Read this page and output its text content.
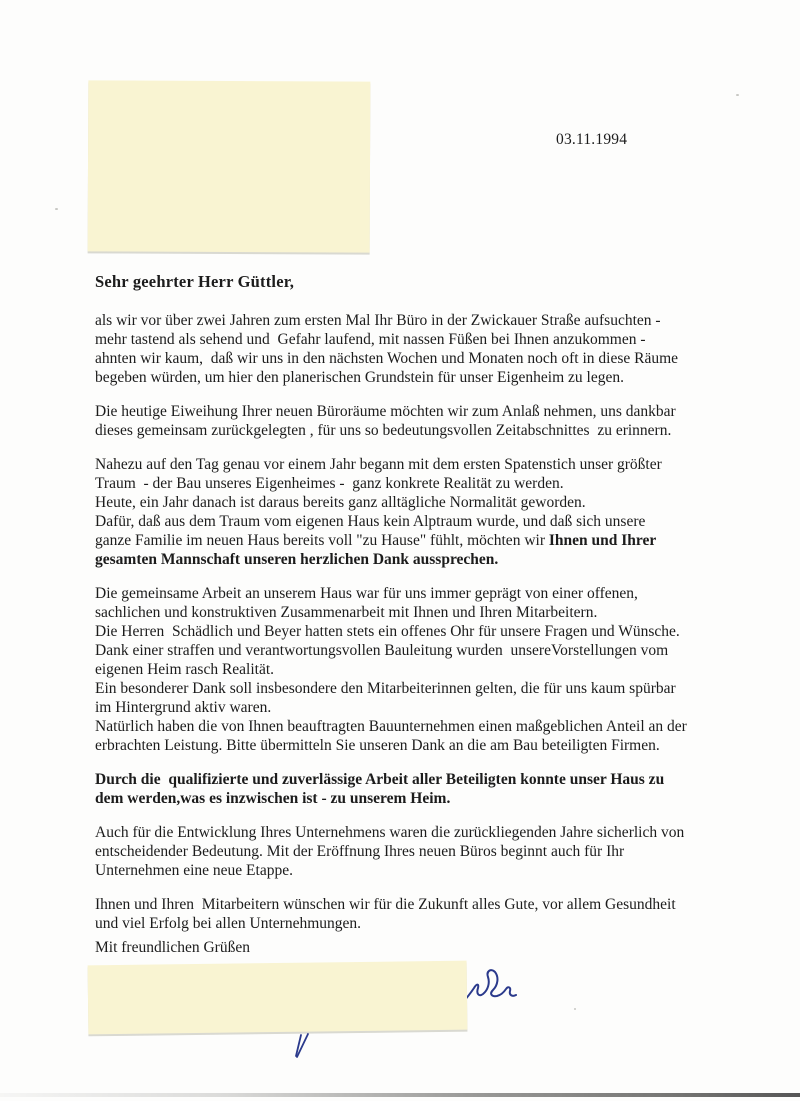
03.11.1994
Sehr geehrter Herr Güttler,
als wir vor über zwei Jahren zum ersten Mal Ihr Büro in der Zwickauer Straße aufsuchten -
mehr tastend als sehend und  Gefahr laufend, mit nassen Füßen bei Ihnen anzukommen -
ahnten wir kaum,  daß wir uns in den nächsten Wochen und Monaten noch oft in diese Räume
begeben würden, um hier den planerischen Grundstein für unser Eigenheim zu legen.
Die heutige Eiweihung Ihrer neuen Büroräume möchten wir zum Anlaß nehmen, uns dankbar
dieses gemeinsam zurückgelegten , für uns so bedeutungsvollen Zeitabschnittes  zu erinnern.
Nahezu auf den Tag genau vor einem Jahr begann mit dem ersten Spatenstich unser größter
Traum  - der Bau unseres Eigenheimes -  ganz konkrete Realität zu werden.
Heute, ein Jahr danach ist daraus bereits ganz alltägliche Normalität geworden.
Dafür, daß aus dem Traum vom eigenen Haus kein Alptraum wurde, und daß sich unsere
ganze Familie im neuen Haus bereits voll "zu Hause" fühlt, möchten wir Ihnen und Ihrer
gesamten Mannschaft unseren herzlichen Dank aussprechen.
Die gemeinsame Arbeit an unserem Haus war für uns immer geprägt von einer offenen,
sachlichen und konstruktiven Zusammenarbeit mit Ihnen und Ihren Mitarbeitern.
Die Herren  Schädlich und Beyer hatten stets ein offenes Ohr für unsere Fragen und Wünsche.
Dank einer straffen und verantwortungsvollen Bauleitung wurden  unsereVorstellungen vom
eigenen Heim rasch Realität.
Ein besonderer Dank soll insbesondere den Mitarbeiterinnen gelten, die für uns kaum spürbar
im Hintergrund aktiv waren.
Natürlich haben die von Ihnen beauftragten Bauunternehmen einen maßgeblichen Anteil an der
erbrachten Leistung. Bitte übermitteln Sie unseren Dank an die am Bau beteiligten Firmen.
Durch die  qualifizierte und zuverlässige Arbeit aller Beteiligten konnte unser Haus zu
dem werden,was es inzwischen ist - zu unserem Heim.
Auch für die Entwicklung Ihres Unternehmens waren die zurückliegenden Jahre sicherlich von
entscheidender Bedeutung. Mit der Eröffnung Ihres neuen Büros beginnt auch für Ihr
Unternehmen eine neue Etappe.
Ihnen und Ihren  Mitarbeitern wünschen wir für die Zukunft alles Gute, vor allem Gesundheit
und viel Erfolg bei allen Unternehmungen.
Mit freundlichen Grüßen
